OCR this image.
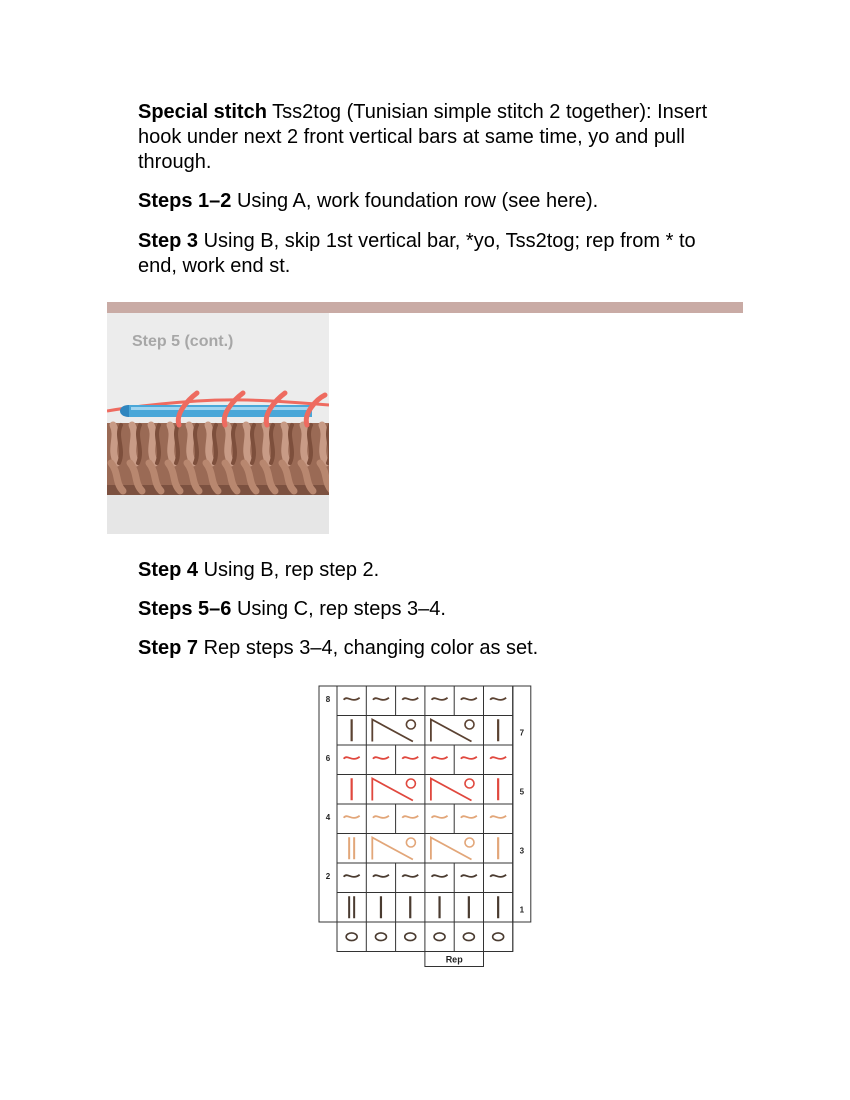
Special stitch Tss2tog (Tunisian simple stitch 2 together): Insert hook under next 2 front vertical bars at same time, yo and pull through.

Steps 1–2 Using A, work foundation row (see here).

Step 3 Using B, skip 1st vertical bar, *yo, Tss2tog; rep from * to end, work end st.

Step 5 (cont.)

Step 4 Using B, rep step 2.

Steps 5–6 Using C, rep steps 3–4.

Step 7 Rep steps 3–4, changing color as set.

8
6
4
2
7
5
3
1
Rep
